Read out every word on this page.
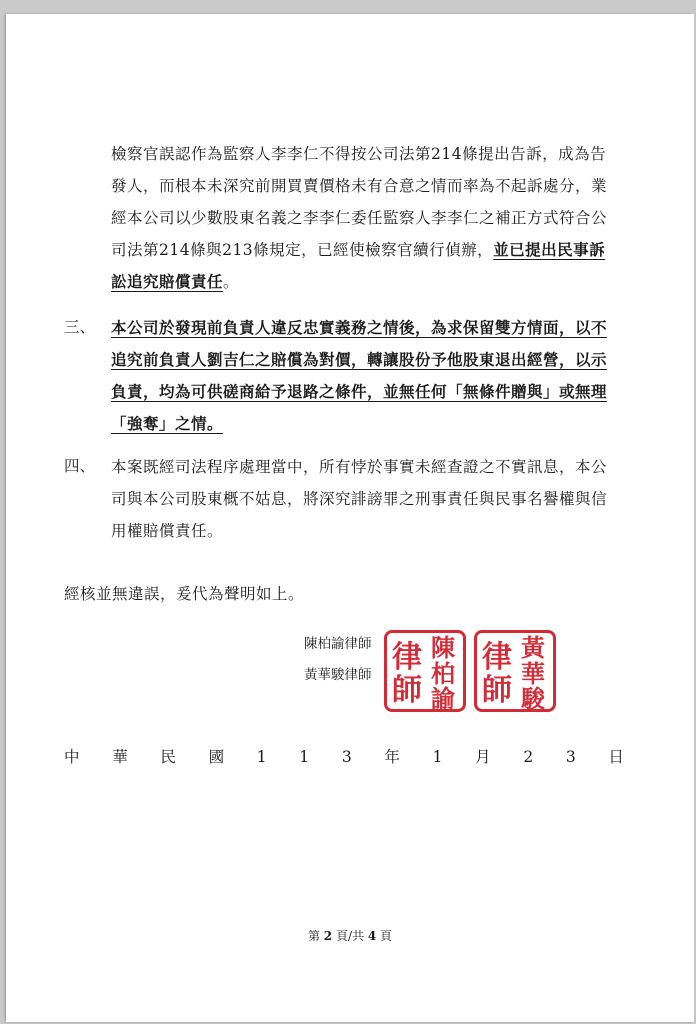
檢察官誤認作為監察人李李仁不得按公司法第214條提出告訴，成為告
發人，而根本未深究前開買賣價格未有合意之情而率為不起訴處分，業
經本公司以少數股東名義之李李仁委任監察人李李仁之補正方式符合公
司法第214條與213條規定，已經使檢察官續行偵辦，並已提出民事訴
訟追究賠償責任。
三、 本公司於發現前負責人違反忠實義務之情後，為求保留雙方情面，以不
追究前負責人劉吉仁之賠償為對價，轉讓股份予他股東退出經營，以示
負責，均為可供磋商給予退路之條件，並無任何「無條件贈與」或無理
「強奪」之情。
四、 本案既經司法程序處理當中，所有悖於事實未經查證之不實訊息，本公
司與本公司股東概不姑息，將深究誹謗罪之刑事責任與民事名譽權與信
用權賠償責任。
經核並無違誤，爰代為聲明如上。
陳柏諭律師
黃華駿律師 律
師
陳
柏
諭
律
師
黃
華
駿
中 華 民 國 1 1 3 年 1 月 2 3 日
第 2 頁/共 4 頁
